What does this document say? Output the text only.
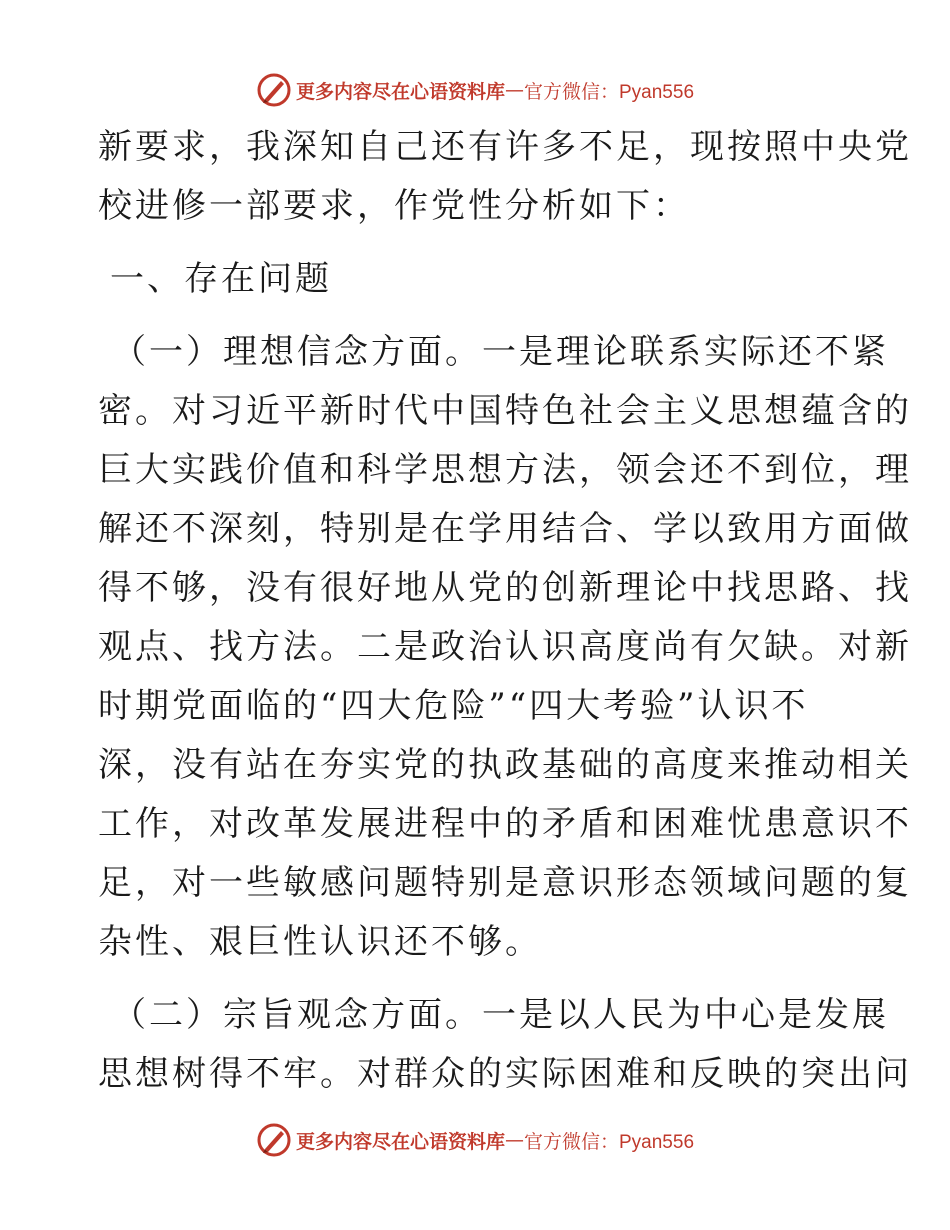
更多内容尽在心语资料库 — 官方微信：Pyan556
新要求，我深知自己还有许多不足，现按照中央党
校进修一部要求，作党性分析如下：
一、存在问题
（一）理想信念方面。一是理论联系实际还不紧
密。对习近平新时代中国特色社会主义思想蕴含的
巨大实践价值和科学思想方法，领会还不到位，理
解还不深刻，特别是在学用结合、学以致用方面做
得不够，没有很好地从党的创新理论中找思路、找
观点、找方法。二是政治认识高度尚有欠缺。对新
时期党面临的“四大危险”“四大考验”认识不
深，没有站在夯实党的执政基础的高度来推动相关
工作，对改革发展进程中的矛盾和困难忧患意识不
足，对一些敏感问题特别是意识形态领域问题的复
杂性、艰巨性认识还不够。
（二）宗旨观念方面。一是以人民为中心是发展
思想树得不牢。对群众的实际困难和反映的突出问
更多内容尽在心语资料库 — 官方微信：Pyan556
